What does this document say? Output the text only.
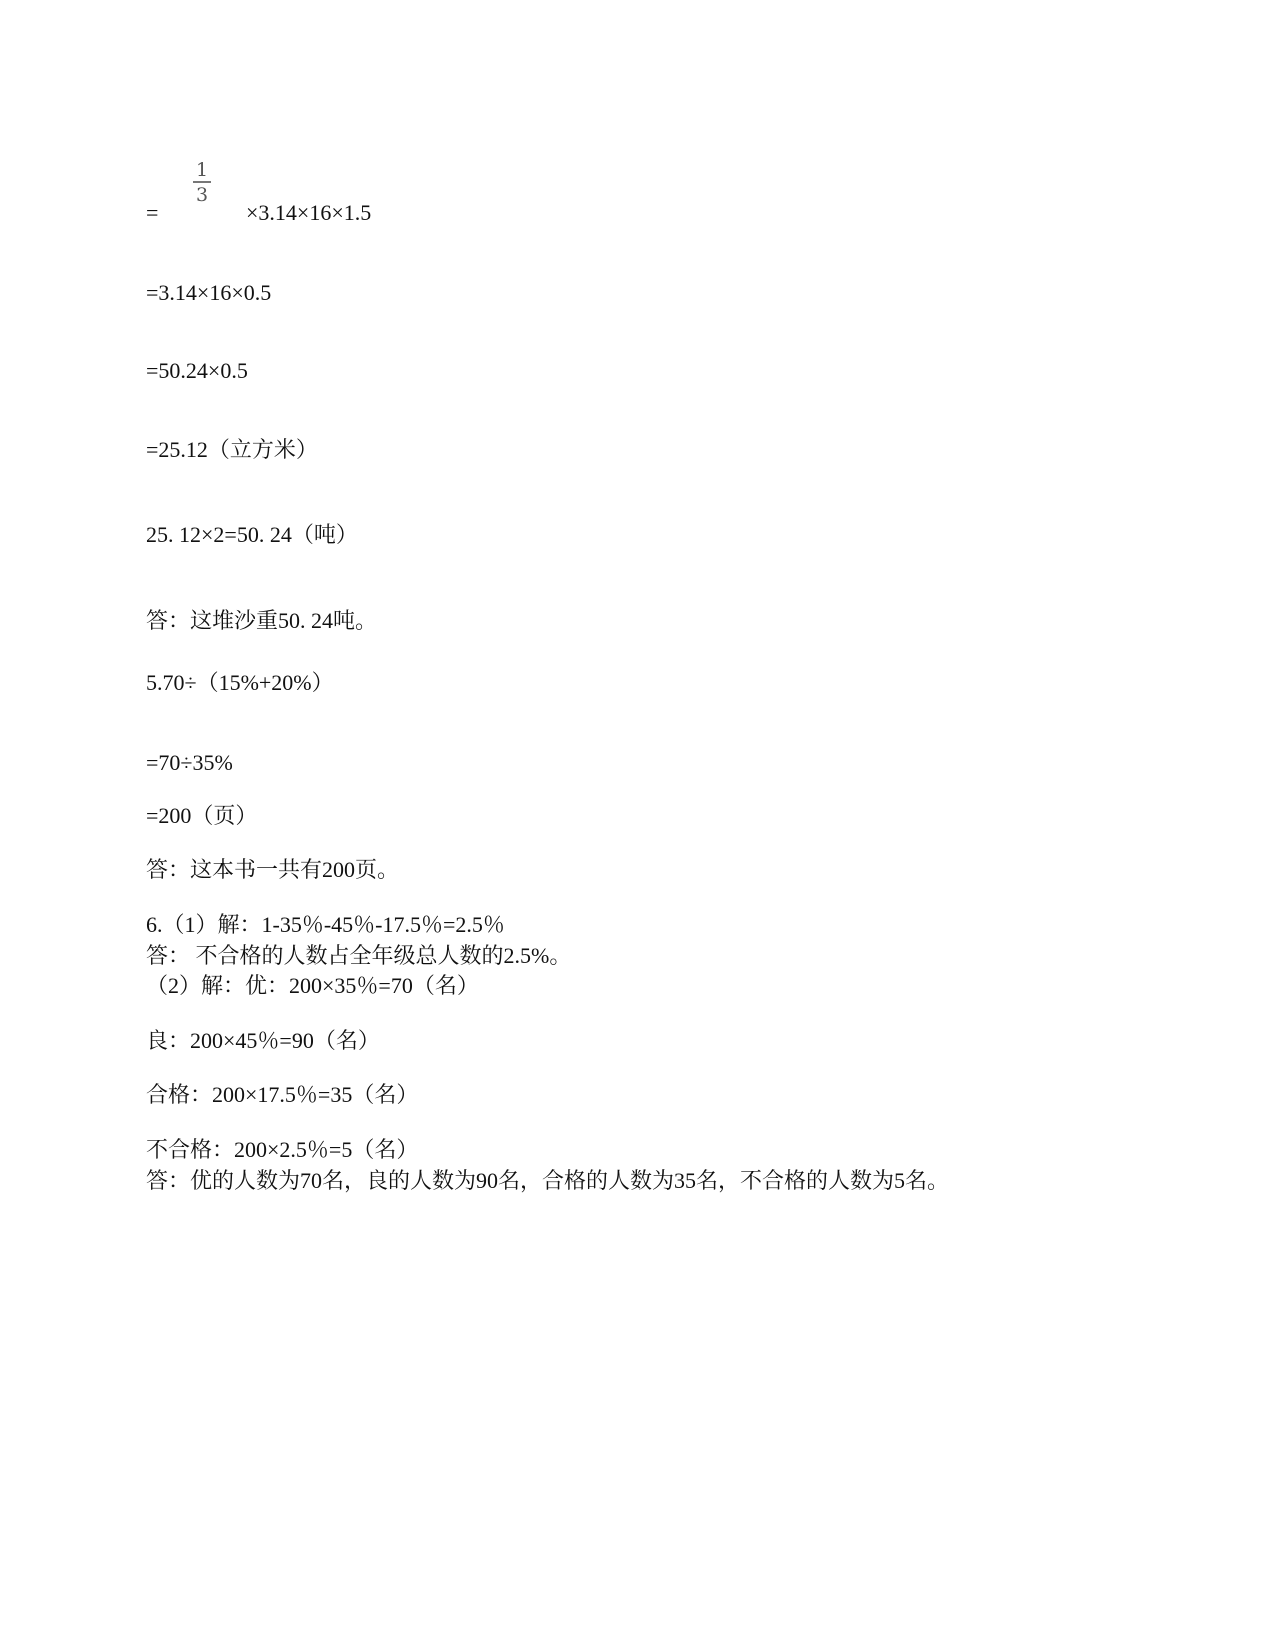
=
1
3
×3.14×16×1.5
=3.14×16×0.5
=50.24×0.5
=25.12（立方米）
25. 12×2=50. 24（吨）
答：这堆沙重50. 24吨。
5.70÷（15%+20%）
=70÷35%
=200（页）
答：这本书一共有200页。
6.（1）解：1-35％-45％-17.5％=2.5％
答： 不合格的人数占全年级总人数的2.5%。
（2）解：优：200×35％=70（名）
良：200×45％=90（名）
合格：200×17.5％=35（名）
不合格：200×2.5％=5（名）
答：优的人数为70名，良的人数为90名，合格的人数为35名，不合格的人数为5名。
